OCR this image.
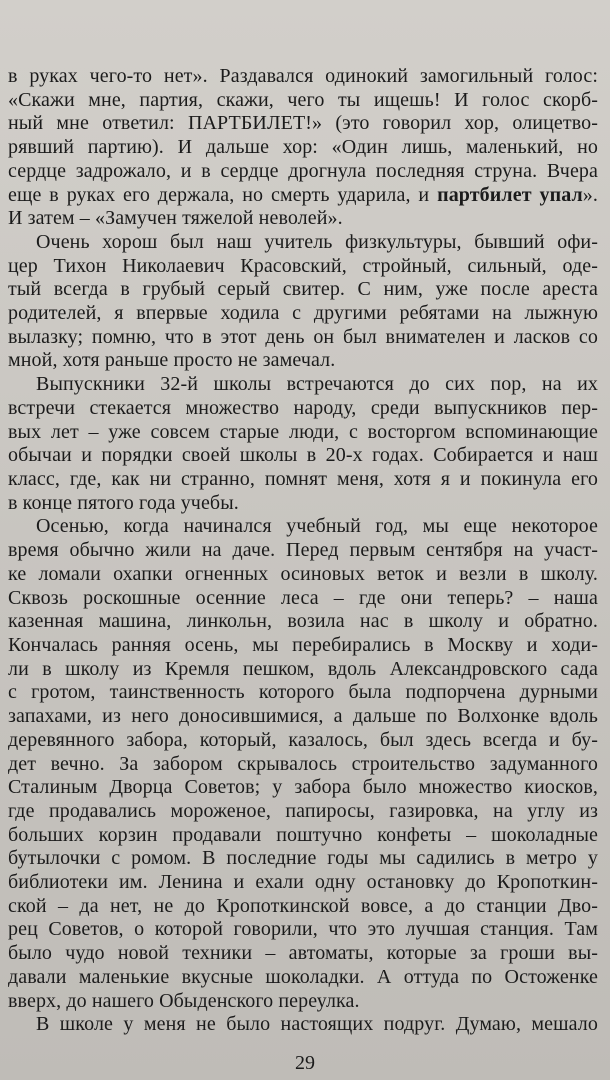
в руках чего-то нет». Раздавался одинокий замогильный голос:
«Скажи мне, партия, скажи, чего ты ищешь! И голос скорб-
ный мне ответил: ПАРТБИЛЕТ!» (это говорил хор, олицетво-
рявший партию). И дальше хор: «Один лишь, маленький, но
сердце задрожало, и в сердце дрогнула последняя струна. Вчера
еще в руках его держала, но смерть ударила, и партбилет упал».
И затем – «Замучен тяжелой неволей».
Очень хорош был наш учитель физкультуры, бывший офи-
цер Тихон Николаевич Красовский, стройный, сильный, оде-
тый всегда в грубый серый свитер. С ним, уже после ареста
родителей, я впервые ходила с другими ребятами на лыжную
вылазку; помню, что в этот день он был внимателен и ласков со
мной, хотя раньше просто не замечал.
Выпускники 32-й школы встречаются до сих пор, на их
встречи стекается множество народу, среди выпускников пер-
вых лет – уже совсем старые люди, с восторгом вспоминающие
обычаи и порядки своей школы в 20-х годах. Собирается и наш
класс, где, как ни странно, помнят меня, хотя я и покинула его
в конце пятого года учебы.
Осенью, когда начинался учебный год, мы еще некоторое
время обычно жили на даче. Перед первым сентября на участ-
ке ломали охапки огненных осиновых веток и везли в школу.
Сквозь роскошные осенние леса – где они теперь? – наша
казенная машина, линкольн, возила нас в школу и обратно.
Кончалась ранняя осень, мы перебирались в Москву и ходи-
ли в школу из Кремля пешком, вдоль Александровского сада
с гротом, таинственность которого была подпорчена дурными
запахами, из него доносившимися, а дальше по Волхонке вдоль
деревянного забора, который, казалось, был здесь всегда и бу-
дет вечно. За забором скрывалось строительство задуманного
Сталиным Дворца Советов; у забора было множество киосков,
где продавались мороженое, папиросы, газировка, на углу из
больших корзин продавали поштучно конфеты – шоколадные
бутылочки с ромом. В последние годы мы садились в метро у
библиотеки им. Ленина и ехали одну остановку до Кропоткин-
ской – да нет, не до Кропоткинской вовсе, а до станции Дво-
рец Советов, о которой говорили, что это лучшая станция. Там
было чудо новой техники – автоматы, которые за гроши вы-
давали маленькие вкусные шоколадки. А оттуда по Остоженке
вверх, до нашего Обыденского переулка.
В школе у меня не было настоящих подруг. Думаю, мешало
29
